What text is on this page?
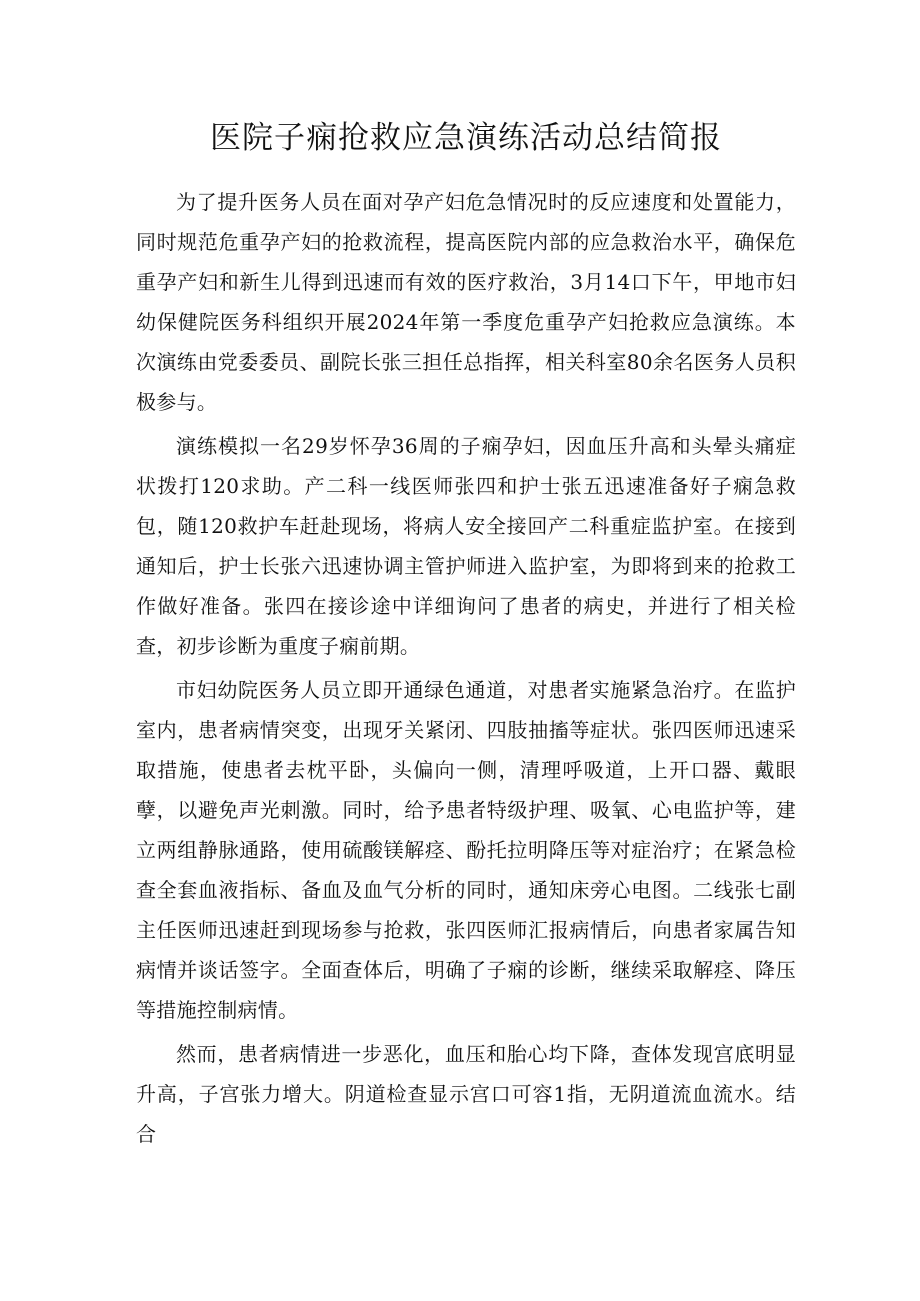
医院子痫抢救应急演练活动总结简报

为了提升医务人员在面对孕产妇危急情况时的反应速度和处置能力，同时规范危重孕产妇的抢救流程，提高医院内部的应急救治水平，确保危重孕产妇和新生儿得到迅速而有效的医疗救治，3月14口下午，甲地市妇幼保健院医务科组织开展2024年第一季度危重孕产妇抢救应急演练。本次演练由党委委员、副院长张三担任总指挥，相关科室80余名医务人员积极参与。

演练模拟一名29岁怀孕36周的子痫孕妇，因血压升高和头晕头痛症状拨打120求助。产二科一线医师张四和护士张五迅速准备好子痫急救包，随120救护车赶赴现场，将病人安全接回产二科重症监护室。在接到通知后，护士长张六迅速协调主管护师进入监护室，为即将到来的抢救工作做好准备。张四在接诊途中详细询问了患者的病史，并进行了相关检查，初步诊断为重度子痫前期。

市妇幼院医务人员立即开通绿色通道，对患者实施紧急治疗。在监护室内，患者病情突变，出现牙关紧闭、四肢抽搐等症状。张四医师迅速采取措施，使患者去枕平卧，头偏向一侧，清理呼吸道，上开口器、戴眼孽，以避免声光刺激。同时，给予患者特级护理、吸氧、心电监护等，建立两组静脉通路，使用硫酸镁解痉、酚托拉明降压等对症治疗；在紧急检查全套血液指标、备血及血气分析的同时，通知床旁心电图。二线张七副主任医师迅速赶到现场参与抢救，张四医师汇报病情后，向患者家属告知病情并谈话签字。全面查体后，明确了子痫的诊断，继续采取解痉、降压等措施控制病情。

然而，患者病情进一步恶化，血压和胎心均下降，查体发现宫底明显升高，子宫张力增大。阴道检查显示宫口可容1指，无阴道流血流水。结合
